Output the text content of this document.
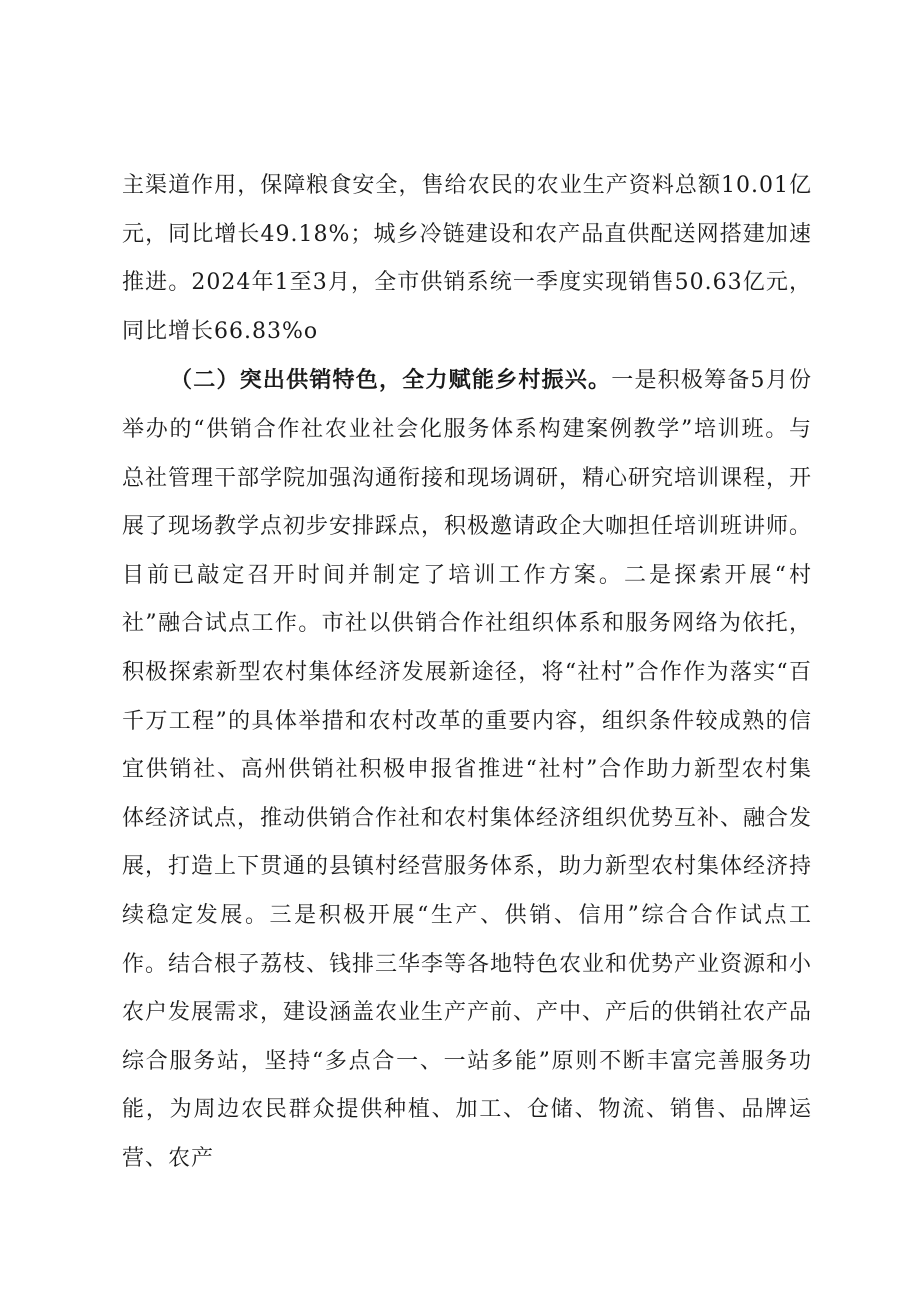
主渠道作用，保障粮食安全，售给农民的农业生产资料总额10.01亿元，同比增长49.18%；城乡冷链建设和农产品直供配送网搭建加速推进。2024年1至3月，全市供销系统一季度实现销售50.63亿元，同比增长66.83%o

（二）突出供销特色，全力赋能乡村振兴。一是积极筹备5月份举办的“供销合作社农业社会化服务体系构建案例教学”培训班。与总社管理干部学院加强沟通衔接和现场调研，精心研究培训课程，开展了现场教学点初步安排踩点，积极邀请政企大咖担任培训班讲师。目前已敲定召开时间并制定了培训工作方案。二是探索开展“村社”融合试点工作。市社以供销合作社组织体系和服务网络为依托，积极探索新型农村集体经济发展新途径，将“社村”合作作为落实“百千万工程”的具体举措和农村改革的重要内容，组织条件较成熟的信宜供销社、高州供销社积极申报省推进“社村”合作助力新型农村集体经济试点，推动供销合作社和农村集体经济组织优势互补、融合发展，打造上下贯通的县镇村经营服务体系，助力新型农村集体经济持续稳定发展。三是积极开展“生产、供销、信用”综合合作试点工作。结合根子荔枝、钱排三华李等各地特色农业和优势产业资源和小农户发展需求，建设涵盖农业生产产前、产中、产后的供销社农产品综合服务站，坚持“多点合一、一站多能”原则不断丰富完善服务功能，为周边农民群众提供种植、加工、仓储、物流、销售、品牌运营、农产
